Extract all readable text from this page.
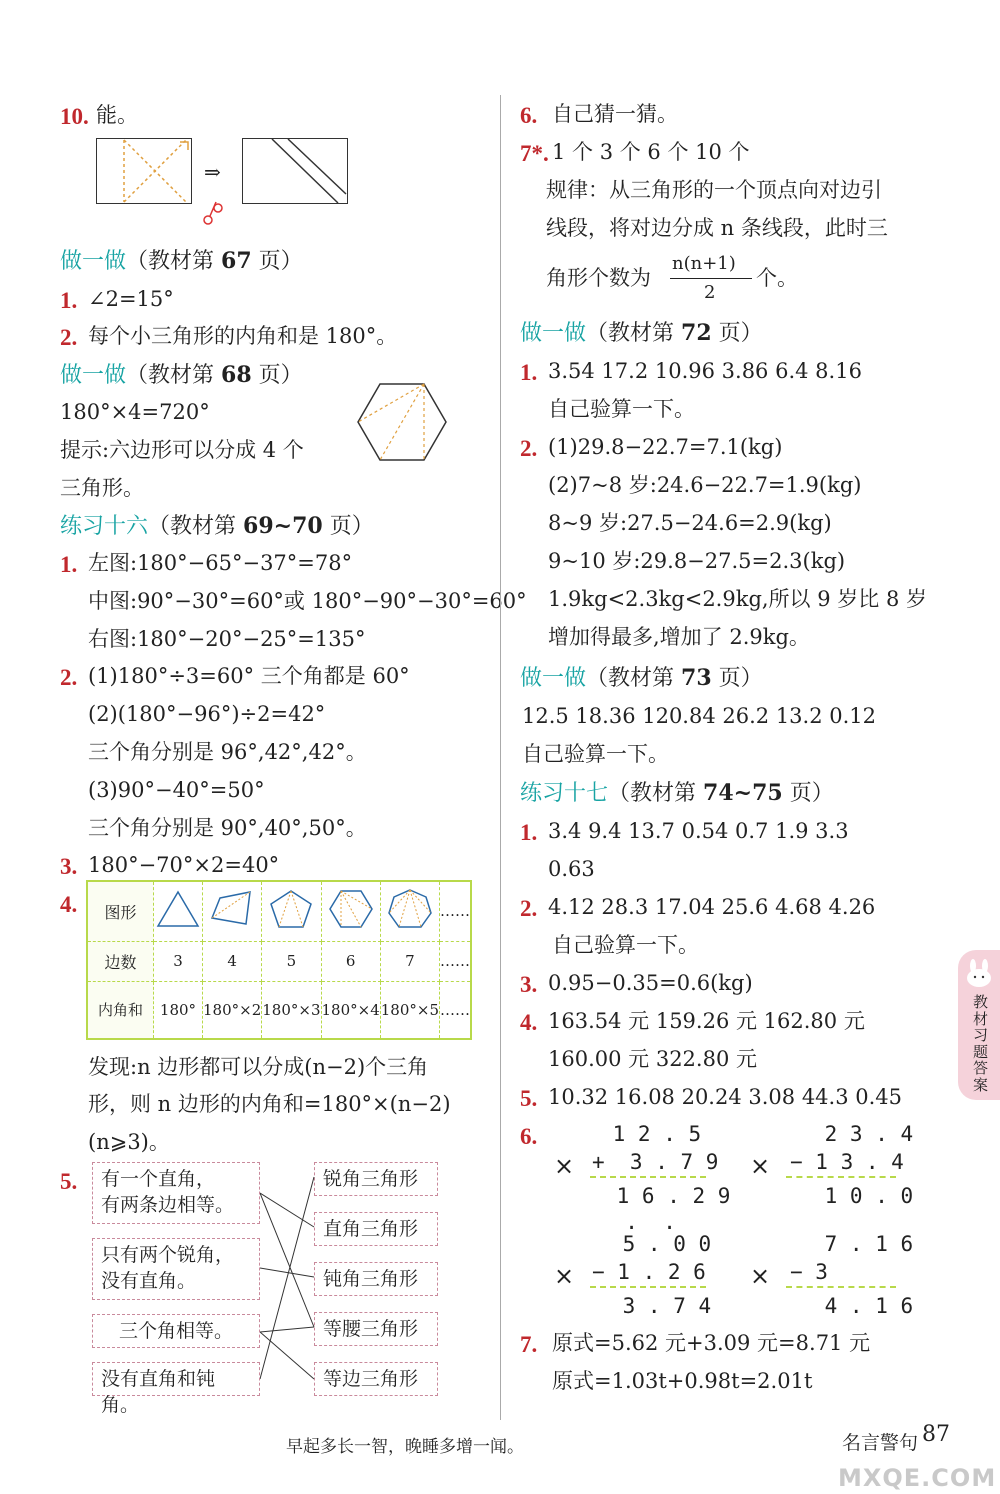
10. 能。
⇒
做一做（教材第 67 页）
1. ∠2=15°
2. 每个小三角形的内角和是 180°。
做一做（教材第 68 页）
180°×4=720°
提示:六边形可以分成 4 个
三角形。
练习十六（教材第 69~70 页）
1. 左图:180°−65°−37°=78°
中图:90°−30°=60°或 180°−90°−30°=60°
右图:180°−20°−25°=135°
2. (1)180°÷3=60° 三个角都是 60°
(2)(180°−96°)÷2=42°
三个角分别是 96°,42°,42°。
(3)90°−40°=50°
三个角分别是 90°,40°,50°。
3. 180°−70°×2=40°
4. 图形						……
边数	3	4	5	6	7	……
内角和	180°	180°×2	180°×3	180°×4	180°×5	……
发现:n 边形都可以分成(n−2)个三角
形，则 n 边形的内角和=180°×(n−2)
(n⩾3)。
5. 有一个直角，
有两条边相等。
只有两个锐角，
没有直角。
三个角相等。
没有直角和钝角。
锐角三角形
直角三角形
钝角三角形
等腰三角形
等边三角形
6. 自己猜一猜。
7*. 1 个 3 个 6 个 10 个
规律：从三角形的一个顶点向对边引
线段，将对边分成 n 条线段，此时三
角形个数为
n(n+1)
2
个。
做一做（教材第 72 页）
1. 3.54 17.2 10.96 3.86 6.4 8.16
自己验算一下。
2. (1)29.8−22.7=7.1(kg)
(2)7~8 岁:24.6−22.7=1.9(kg)
8~9 岁:27.5−24.6=2.9(kg)
9~10 岁:29.8−27.5=2.3(kg)
1.9kg<2.3kg<2.9kg,所以 9 岁比 8 岁
增加得最多,增加了 2.9kg。
做一做（教材第 73 页）
12.5 18.36 120.84 26.2 13.2 0.12
自己验算一下。
练习十七（教材第 74~75 页）
1. 3.4 9.4 13.7 0.54 0.7 1.9 3.3
0.63
2. 4.12 28.3 17.04 25.6 4.68 4.26
自己验算一下。
3. 0.95−0.35=0.6(kg)
4. 163.54 元 159.26 元 162.80 元
160.00 元 322.80 元
5. 10.32 16.08 20.24 3.08 44.3 0.45
6.
×
1 2 . 5
+  3 . 7 9
1 6 . 2 9
×
2 3 . 4
− 1 3 . 4
1 0 . 0
.  .
×
5 . 0 0
− 1 . 2 6
3 . 7 4
×
7 . 1 6
− 3
4 . 1 6
7. 原式=5.62 元+3.09 元=8.71 元
原式=1.03t+0.98t=2.01t
教材习题答案
早起多长一智，晚睡多增一闻。	名言警句 87
MXQE.COM
